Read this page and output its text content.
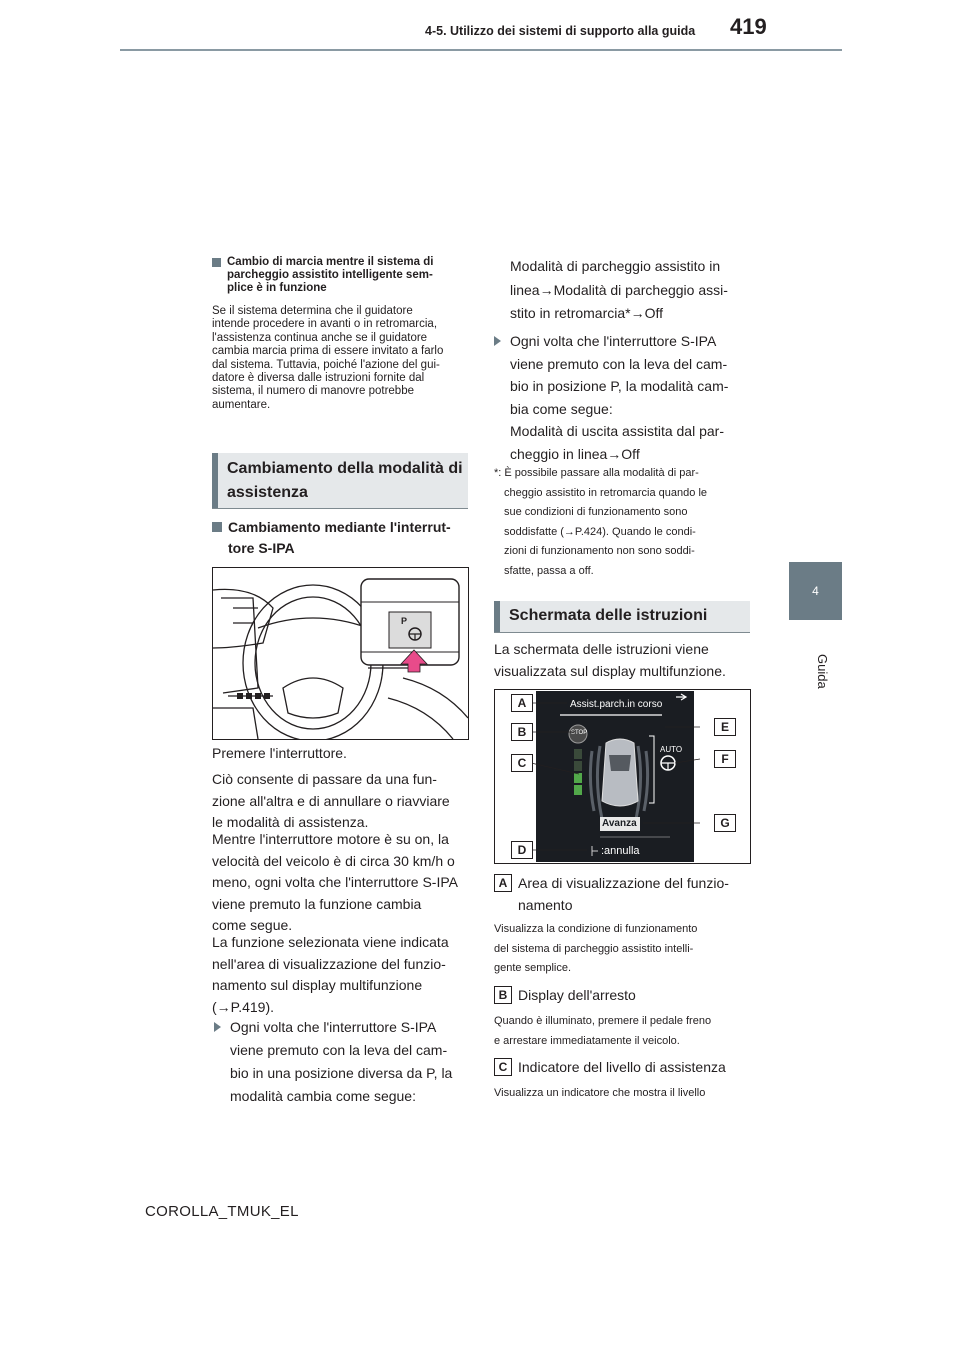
419
4-5. Utilizzo dei sistemi di supporto alla guida
4
Guida
Cambio di marcia mentre il sistema di
parcheggio assistito intelligente sem-
plice è in funzione
Se il sistema determina che il guidatore
intende procedere in avanti o in retromarcia,
l'assistenza continua anche se il guidatore
cambia marcia prima di essere invitato a farlo
dal sistema. Tuttavia, poiché l'azione del gui-
datore è diversa dalle istruzioni fornite dal
sistema, il numero di manovre potrebbe
aumentare.
Cambiamento della modalità di
assistenza
Cambiamento mediante l'interrut-
tore S-IPA
P
Premere l'interruttore.
Ciò consente di passare da una fun-
zione all'altra e di annullare o riavviare
le modalità di assistenza.
Mentre l'interruttore motore è su on, la
velocità del veicolo è di circa 30 km/h o
meno, ogni volta che l'interruttore S-IPA
viene premuto la funzione cambia
come segue.
La funzione selezionata viene indicata
nell'area di visualizzazione del funzio-
namento sul display multifunzione
(→P.419).
Ogni volta che l'interruttore S-IPA
viene premuto con la leva del cam-
bio in una posizione diversa da P, la
modalità cambia come segue:
Modalità di parcheggio assistito in
linea→Modalità di parcheggio assi-
stito in retromarcia*→Off
Ogni volta che l'interruttore S-IPA
viene premuto con la leva del cam-
bio in posizione P, la modalità cam-
bia come segue:
Modalità di uscita assistita dal par-
cheggio in linea→Off
*: È possibile passare alla modalità di par-
cheggio assistito in retromarcia quando le
sue condizioni di funzionamento sono
soddisfatte (→P.424). Quando le condi-
zioni di funzionamento non sono soddi-
sfatte, passa a off.
Schermata delle istruzioni
La schermata delle istruzioni viene
visualizzata sul display multifunzione.
Assist.parch.in corso
STOP
AUTO
Avanza
:annulla
A
B
C
D
E
F
G
A Area di visualizzazione del funzio-
namento
Visualizza la condizione di funzionamento
del sistema di parcheggio assistito intelli-
gente semplice.
B Display dell'arresto
Quando è illuminato, premere il pedale freno
e arrestare immediatamente il veicolo.
C Indicatore del livello di assistenza
Visualizza un indicatore che mostra il livello
COROLLA_TMUK_EL
